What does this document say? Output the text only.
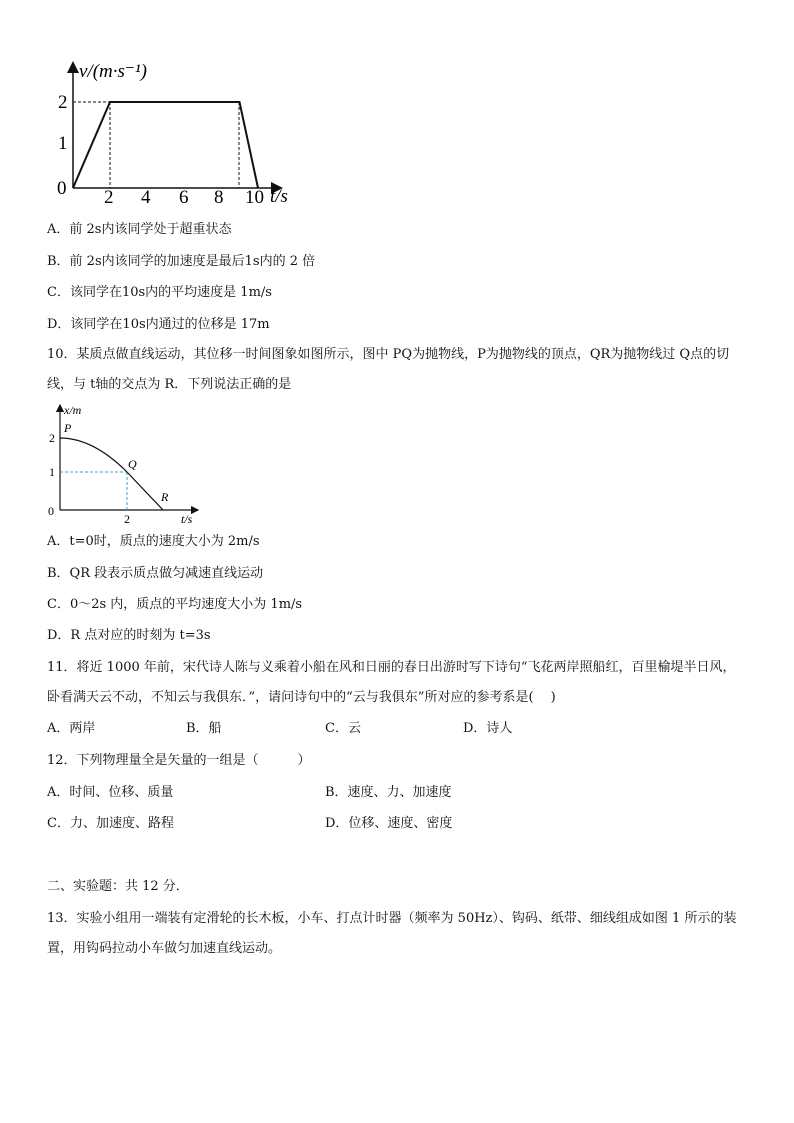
v/(m·s⁻¹)
t/s
0
1
2
2 4 6 8 10
A．前 2s内该同学处于超重状态
B．前 2s内该同学的加速度是最后1s内的 2 倍
C．该同学在10s内的平均速度是 1m/s
D．该同学在10s内通过的位移是 17m
10．某质点做直线运动，其位移一时间图象如图所示，图中 PQ为抛物线，P为抛物线的顶点，QR为抛物线过 Q点的切线，与 t轴的交点为 R．下列说法正确的是
x/m
t/s
0
1
2
2
P
Q
R
A．t=0时，质点的速度大小为 2m/s
B．QR 段表示质点做匀减速直线运动
C．0～2s 内，质点的平均速度大小为 1m/s
D．R 点对应的时刻为 t=3s
11．将近 1000 年前，宋代诗人陈与义乘着小船在风和日丽的春日出游时写下诗句“飞花两岸照船红，百里榆堤半日风，卧看满天云不动，不知云与我俱东．”，请问诗句中的“云与我俱东”所对应的参考系是(　 )
A．两岸	B．船	C．云	D．诗人
12．下列物理量全是矢量的一组是（　　　）
A．时间、位移、质量	B．速度、力、加速度
C．力、加速度、路程	D．位移、速度、密度
二、实验题：共 12 分．
13．实验小组用一端装有定滑轮的长木板，小车、打点计时器（频率为 50Hz）、钩码、纸带、细线组成如图 1 所示的装置，用钩码拉动小车做匀加速直线运动。
